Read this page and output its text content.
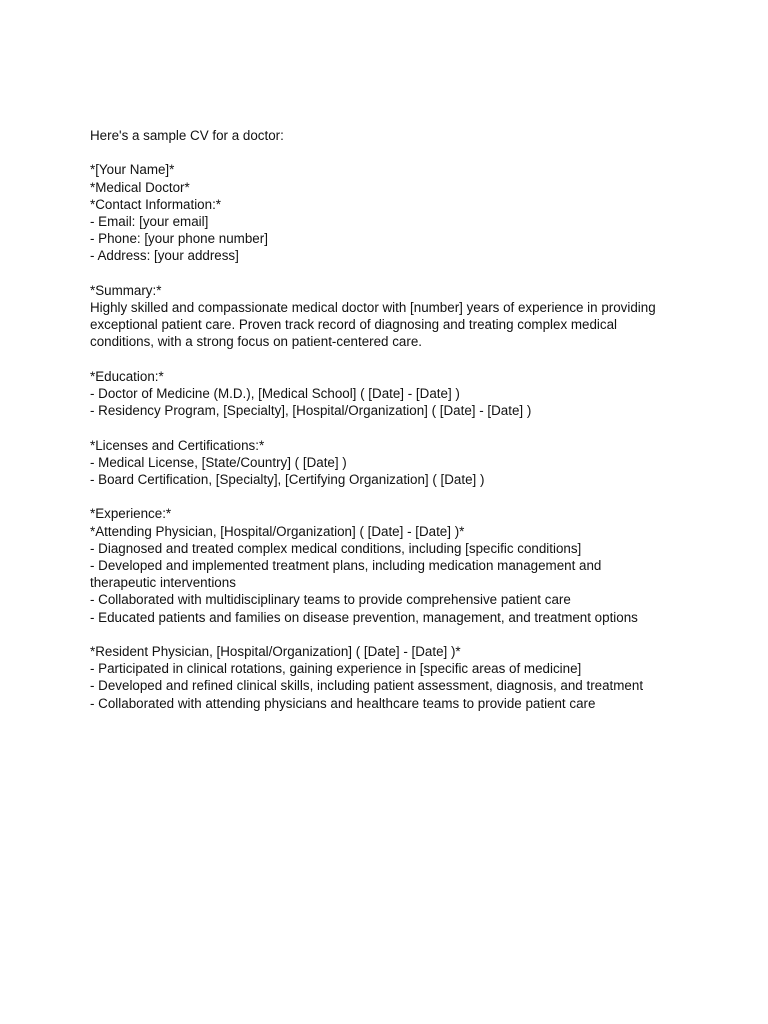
Here's a sample CV for a doctor:
*[Your Name]*
*Medical Doctor*
*Contact Information:*
- Email: [your email]
- Phone: [your phone number]
- Address: [your address]
*Summary:*
Highly skilled and compassionate medical doctor with [number] years of experience in providing exceptional patient care. Proven track record of diagnosing and treating complex medical conditions, with a strong focus on patient-centered care.
*Education:*
- Doctor of Medicine (M.D.), [Medical School] ( [Date] - [Date] )
- Residency Program, [Specialty], [Hospital/Organization] ( [Date] - [Date] )
*Licenses and Certifications:*
- Medical License, [State/Country] ( [Date] )
- Board Certification, [Specialty], [Certifying Organization] ( [Date] )
*Experience:*
*Attending Physician, [Hospital/Organization] ( [Date] - [Date] )*
- Diagnosed and treated complex medical conditions, including [specific conditions]
- Developed and implemented treatment plans, including medication management and therapeutic interventions
- Collaborated with multidisciplinary teams to provide comprehensive patient care
- Educated patients and families on disease prevention, management, and treatment options
*Resident Physician, [Hospital/Organization] ( [Date] - [Date] )*
- Participated in clinical rotations, gaining experience in [specific areas of medicine]
- Developed and refined clinical skills, including patient assessment, diagnosis, and treatment
- Collaborated with attending physicians and healthcare teams to provide patient care
